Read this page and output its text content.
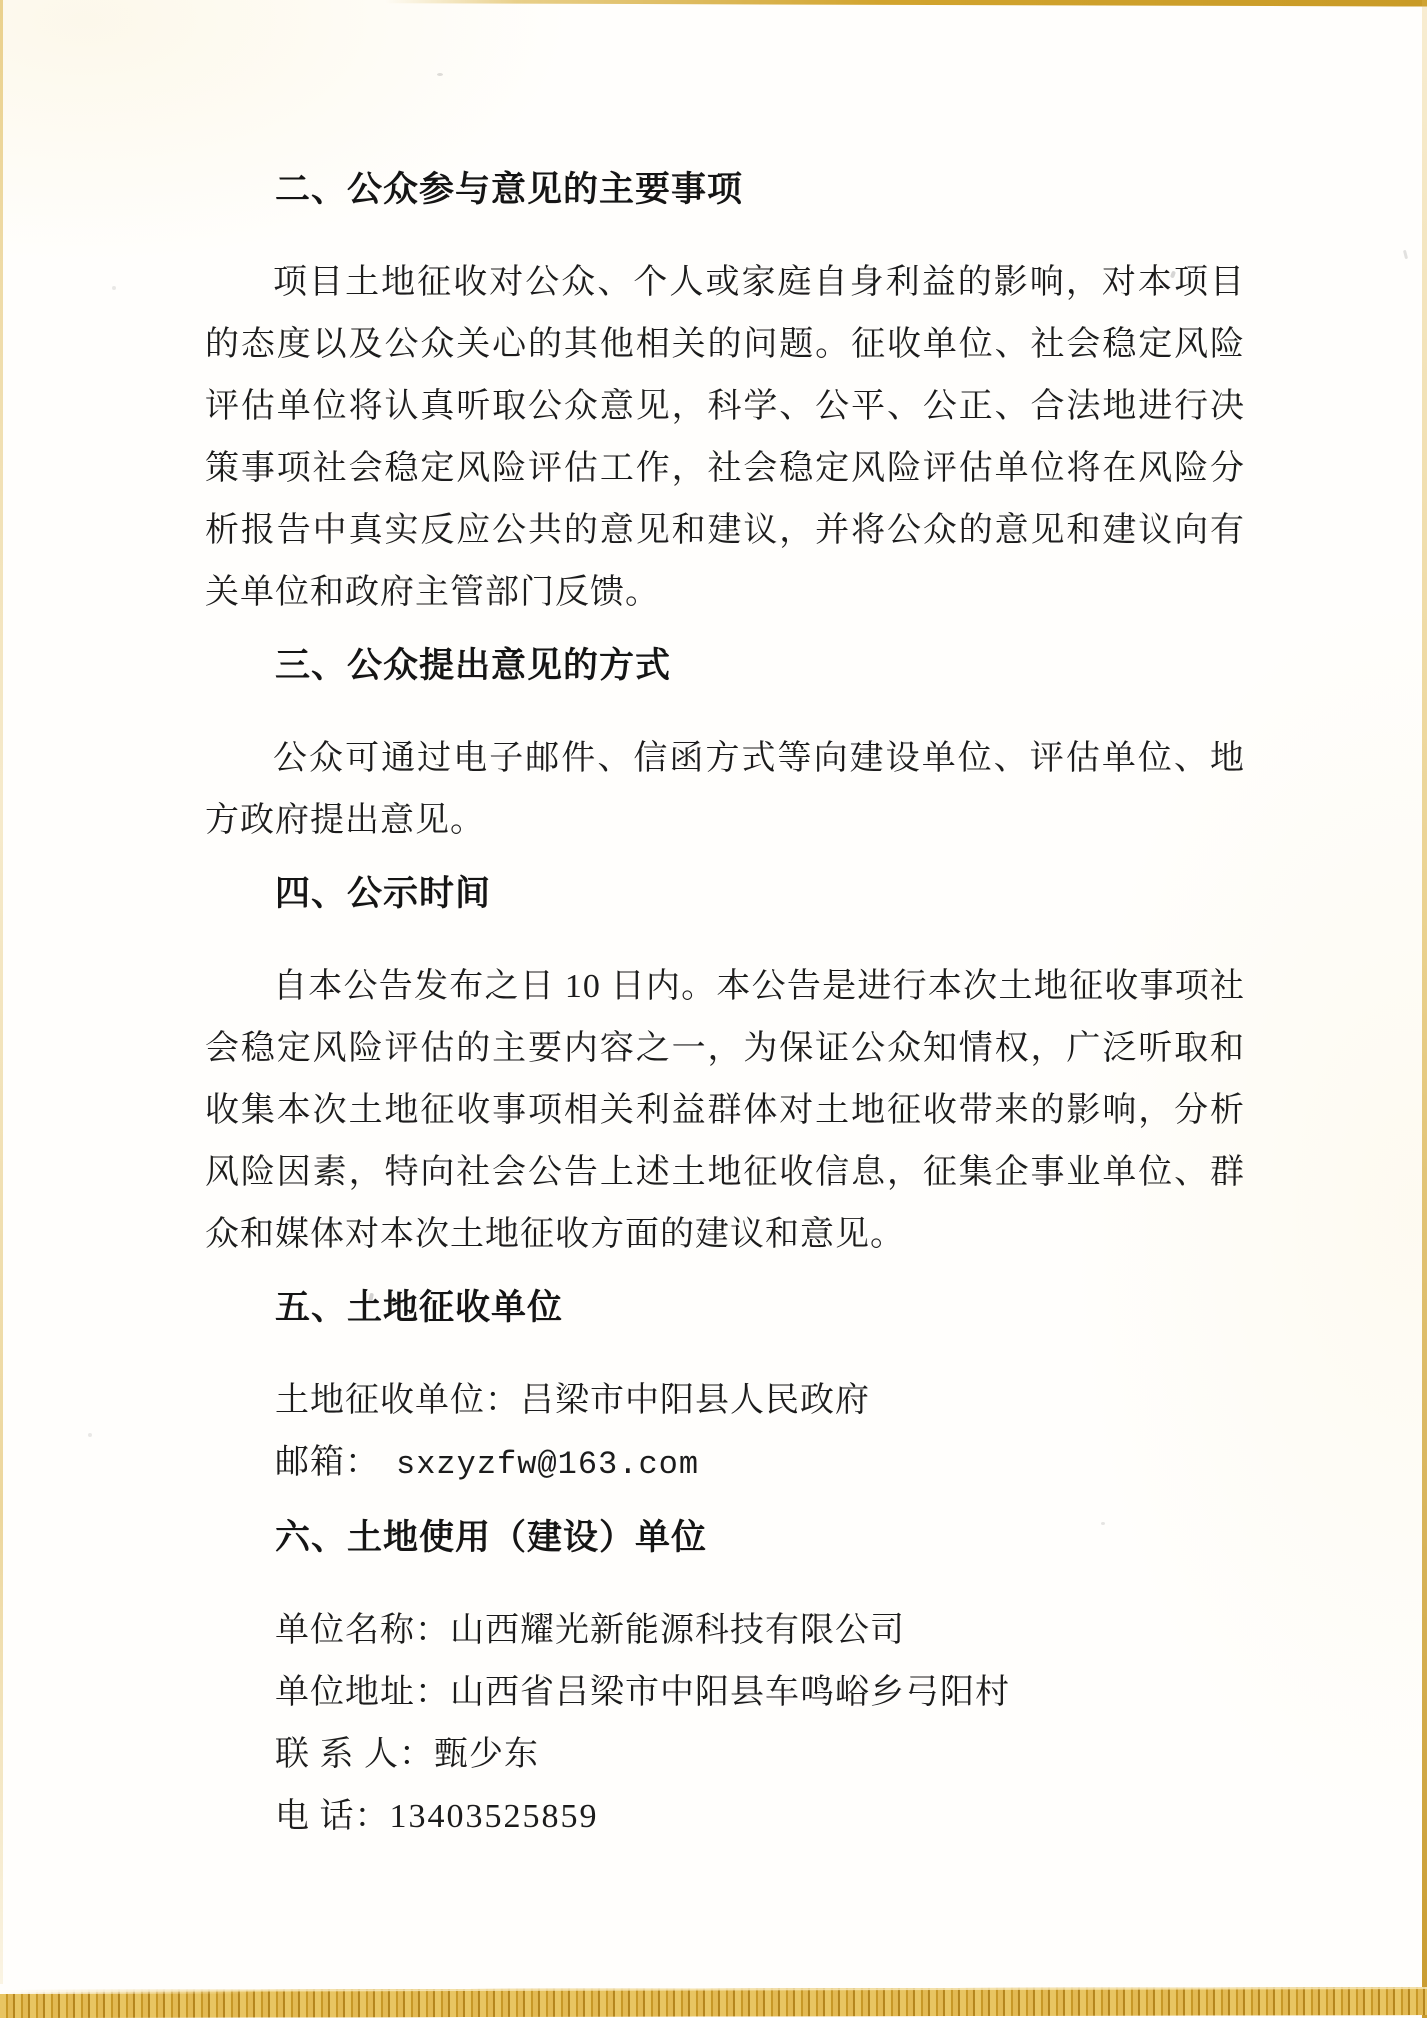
二、公众参与意见的主要事项

项目土地征收对公众、个人或家庭自身利益的影响，对本项目的态度以及公众关心的其他相关的问题。征收单位、社会稳定风险评估单位将认真听取公众意见，科学、公平、公正、合法地进行决策事项社会稳定风险评估工作，社会稳定风险评估单位将在风险分析报告中真实反应公共的意见和建议，并将公众的意见和建议向有关单位和政府主管部门反馈。

三、公众提出意见的方式

公众可通过电子邮件、信函方式等向建设单位、评估单位、地方政府提出意见。

四、公示时间

自本公告发布之日 10 日内。本公告是进行本次土地征收事项社会稳定风险评估的主要内容之一，为保证公众知情权，广泛听取和收集本次土地征收事项相关利益群体对土地征收带来的影响，分析风险因素，特向社会公告上述土地征收信息，征集企事业单位、群众和媒体对本次土地征收方面的建议和意见。

五、土地征收单位
土地征收单位：吕梁市中阳县人民政府
邮箱： sxzyzfw@163.com
六、土地使用（建设）单位
单位名称：山西耀光新能源科技有限公司
单位地址：山西省吕梁市中阳县车鸣峪乡弓阳村
联 系 人：甄少东
电 话：13403525859
